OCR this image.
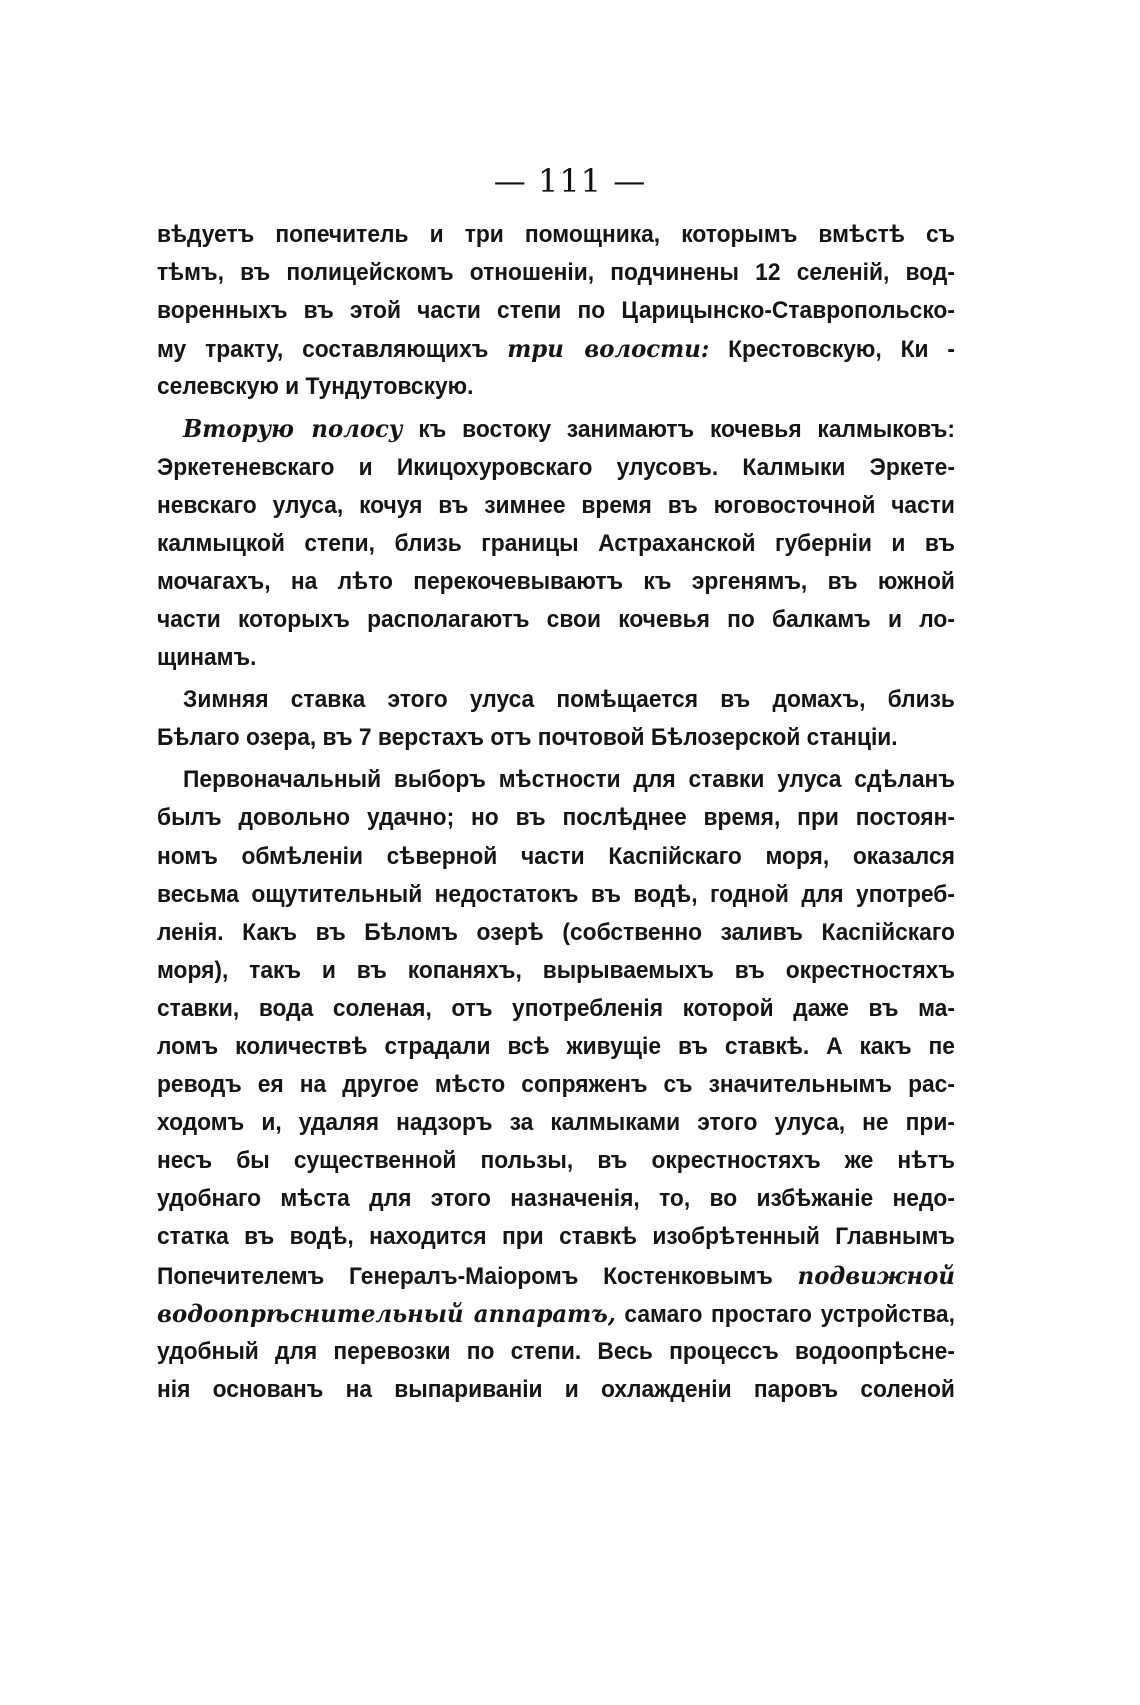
— 111 —
вѣдуетъ попечитель и три помощника, которымъ вмѣстѣ съ
тѣмъ, въ полицейскомъ отношеніи, подчинены 12 селеній, вод-
воренныхъ въ этой части степи по Царицынско-Ставропольско-
му тракту, составляющихъ три волости: Крестовскую, Ки -
селевскую и Тундутовскую.
Вторую полосу къ востоку занимаютъ кочевья калмыковъ:
Эркетеневскаго и Икицохуровскаго улусовъ. Калмыки Эркете-
невскаго улуса, кочуя въ зимнее время въ юговосточной части
калмыцкой степи, близь границы Астраханской губерніи и въ
мочагахъ, на лѣто перекочевываютъ къ эргенямъ, въ южной
части которыхъ располагаютъ свои кочевья по балкамъ и ло-
щинамъ.
Зимняя ставка этого улуса помѣщается въ домахъ, близь
Бѣлаго озера, въ 7 верстахъ отъ почтовой Бѣлозерской станціи.
Первоначальный выборъ мѣстности для ставки улуса сдѣланъ
былъ довольно удачно; но въ послѣднее время, при постоян-
номъ обмѣленіи сѣверной части Каспійскаго моря, оказался
весьма ощутительный недостатокъ въ водѣ, годной для употреб-
ленія. Какъ въ Бѣломъ озерѣ (собственно заливъ Каспійскаго
моря), такъ и въ копаняхъ, вырываемыхъ въ окрестностяхъ
ставки, вода соленая, отъ употребленія которой даже въ ма-
ломъ количествѣ страдали всѣ живущіе въ ставкѣ. А какъ пе
реводъ ея на другое мѣсто сопряженъ съ значительнымъ рас-
ходомъ и, удаляя надзоръ за калмыками этого улуса, не при-
несъ бы существенной пользы, въ окрестностяхъ же нѣтъ
удобнаго мѣста для этого назначенія, то, во избѣжаніе недо-
статка въ водѣ, находится при ставкѣ изобрѣтенный Главнымъ
Попечителемъ Генералъ-Маіоромъ Костенковымъ подвижной
водоопрѣснительный аппаратъ, самаго простаго устройства,
удобный для перевозки по степи. Весь процессъ водоопрѣсне-
нія основанъ на выпариваніи и охлажденіи паровъ соленой
